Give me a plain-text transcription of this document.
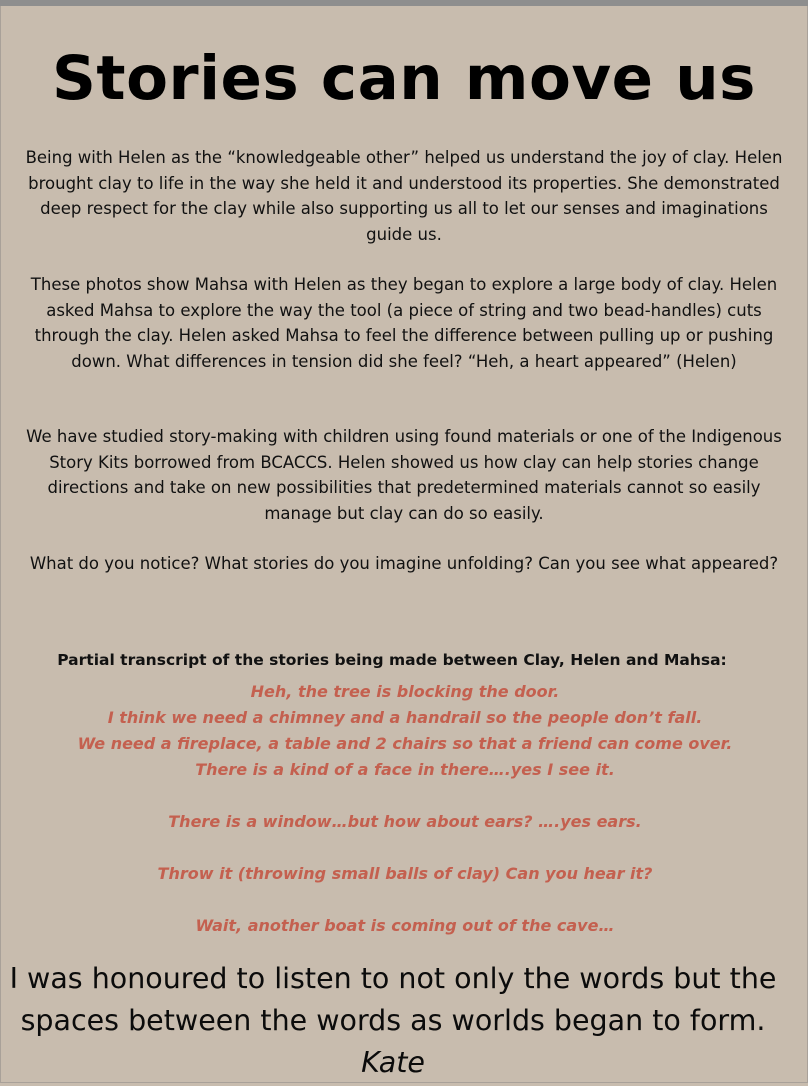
Stories can move us

Being with Helen as the “knowledgeable other” helped us understand the joy of clay. Helen brought clay to life in the way she held it and understood its properties. She demonstrated deep respect for the clay while also supporting us all to let our senses and imaginations guide us.

These photos show Mahsa with Helen as they began to explore a large body of clay. Helen asked Mahsa to explore the way the tool (a piece of string and two bead-handles) cuts through the clay. Helen asked Mahsa to feel the difference between pulling up or pushing down. What differences in tension did she feel? “Heh, a heart appeared” (Helen)

We have studied story-making with children using found materials or one of the Indigenous Story Kits borrowed from BCACCS. Helen showed us how clay can help stories change directions and take on new possibilities that predetermined materials cannot so easily manage but clay can do so easily.

What do you notice? What stories do you imagine unfolding? Can you see what appeared?

Partial transcript of the stories being made between Clay, Helen and Mahsa:

Heh, the tree is blocking the door.

I think we need a chimney and a handrail so the people don’t fall.

We need a fireplace, a table and 2 chairs so that a friend can come over.

There is a kind of a face in there….yes I see it.

There is a window…but how about ears? ….yes ears.

Throw it (throwing small balls of clay) Can you hear it?

Wait, another boat is coming out of the cave…

I was honoured to listen to not only the words but the spaces between the words as worlds began to form.

Kate
